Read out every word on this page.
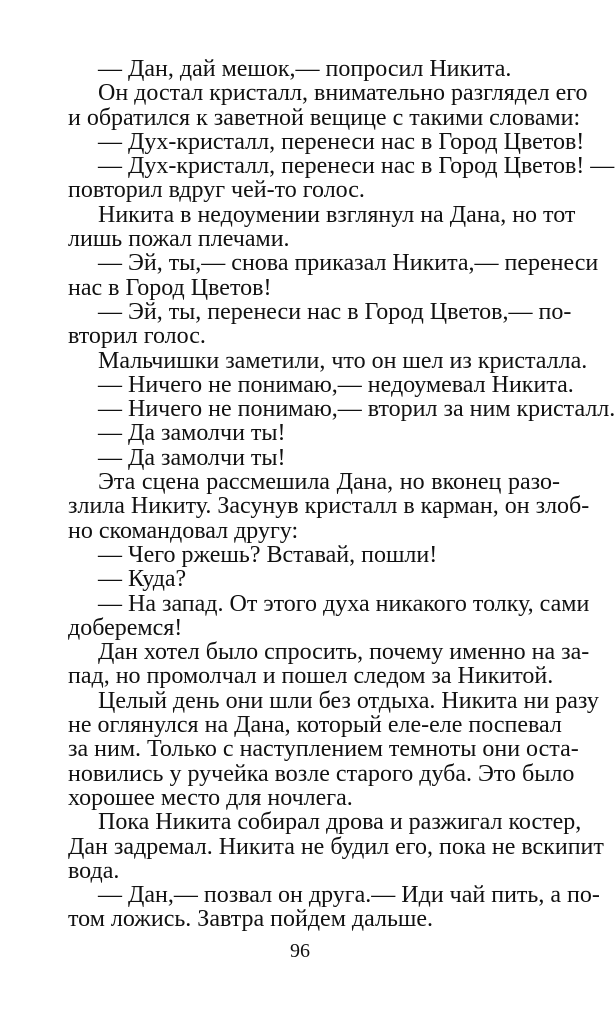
— Дан, дай мешок,— попросил Никита.
Он достал кристалл, внимательно разглядел его
и обратился к заветной вещице с такими словами:
— Дух-кристалл, перенеси нас в Город Цветов!
— Дух-кристалл, перенеси нас в Город Цветов! —
повторил вдруг чей-то голос.
Никита в недоумении взглянул на Дана, но тот
лишь пожал плечами.
— Эй, ты,— снова приказал Никита,— перенеси
нас в Город Цветов!
— Эй, ты, перенеси нас в Город Цветов,— по-
вторил голос.
Мальчишки заметили, что он шел из кристалла.
— Ничего не понимаю,— недоумевал Никита.
— Ничего не понимаю,— вторил за ним кристалл.
— Да замолчи ты!
— Да замолчи ты!
Эта сцена рассмешила Дана, но вконец разо-
злила Никиту. Засунув кристалл в карман, он злоб-
но скомандовал другу:
— Чего ржешь? Вставай, пошли!
— Куда?
— На запад. От этого духа никакого толку, сами
доберемся!
Дан хотел было спросить, почему именно на за-
пад, но промолчал и пошел следом за Никитой.
Целый день они шли без отдыха. Никита ни разу
не оглянулся на Дана, который еле-еле поспевал
за ним. Только с наступлением темноты они оста-
новились у ручейка возле старого дуба. Это было
хорошее место для ночлега.
Пока Никита собирал дрова и разжигал костер,
Дан задремал. Никита не будил его, пока не вскипит
вода.
— Дан,— позвал он друга.— Иди чай пить, а по-
том ложись. Завтра пойдем дальше.
96
